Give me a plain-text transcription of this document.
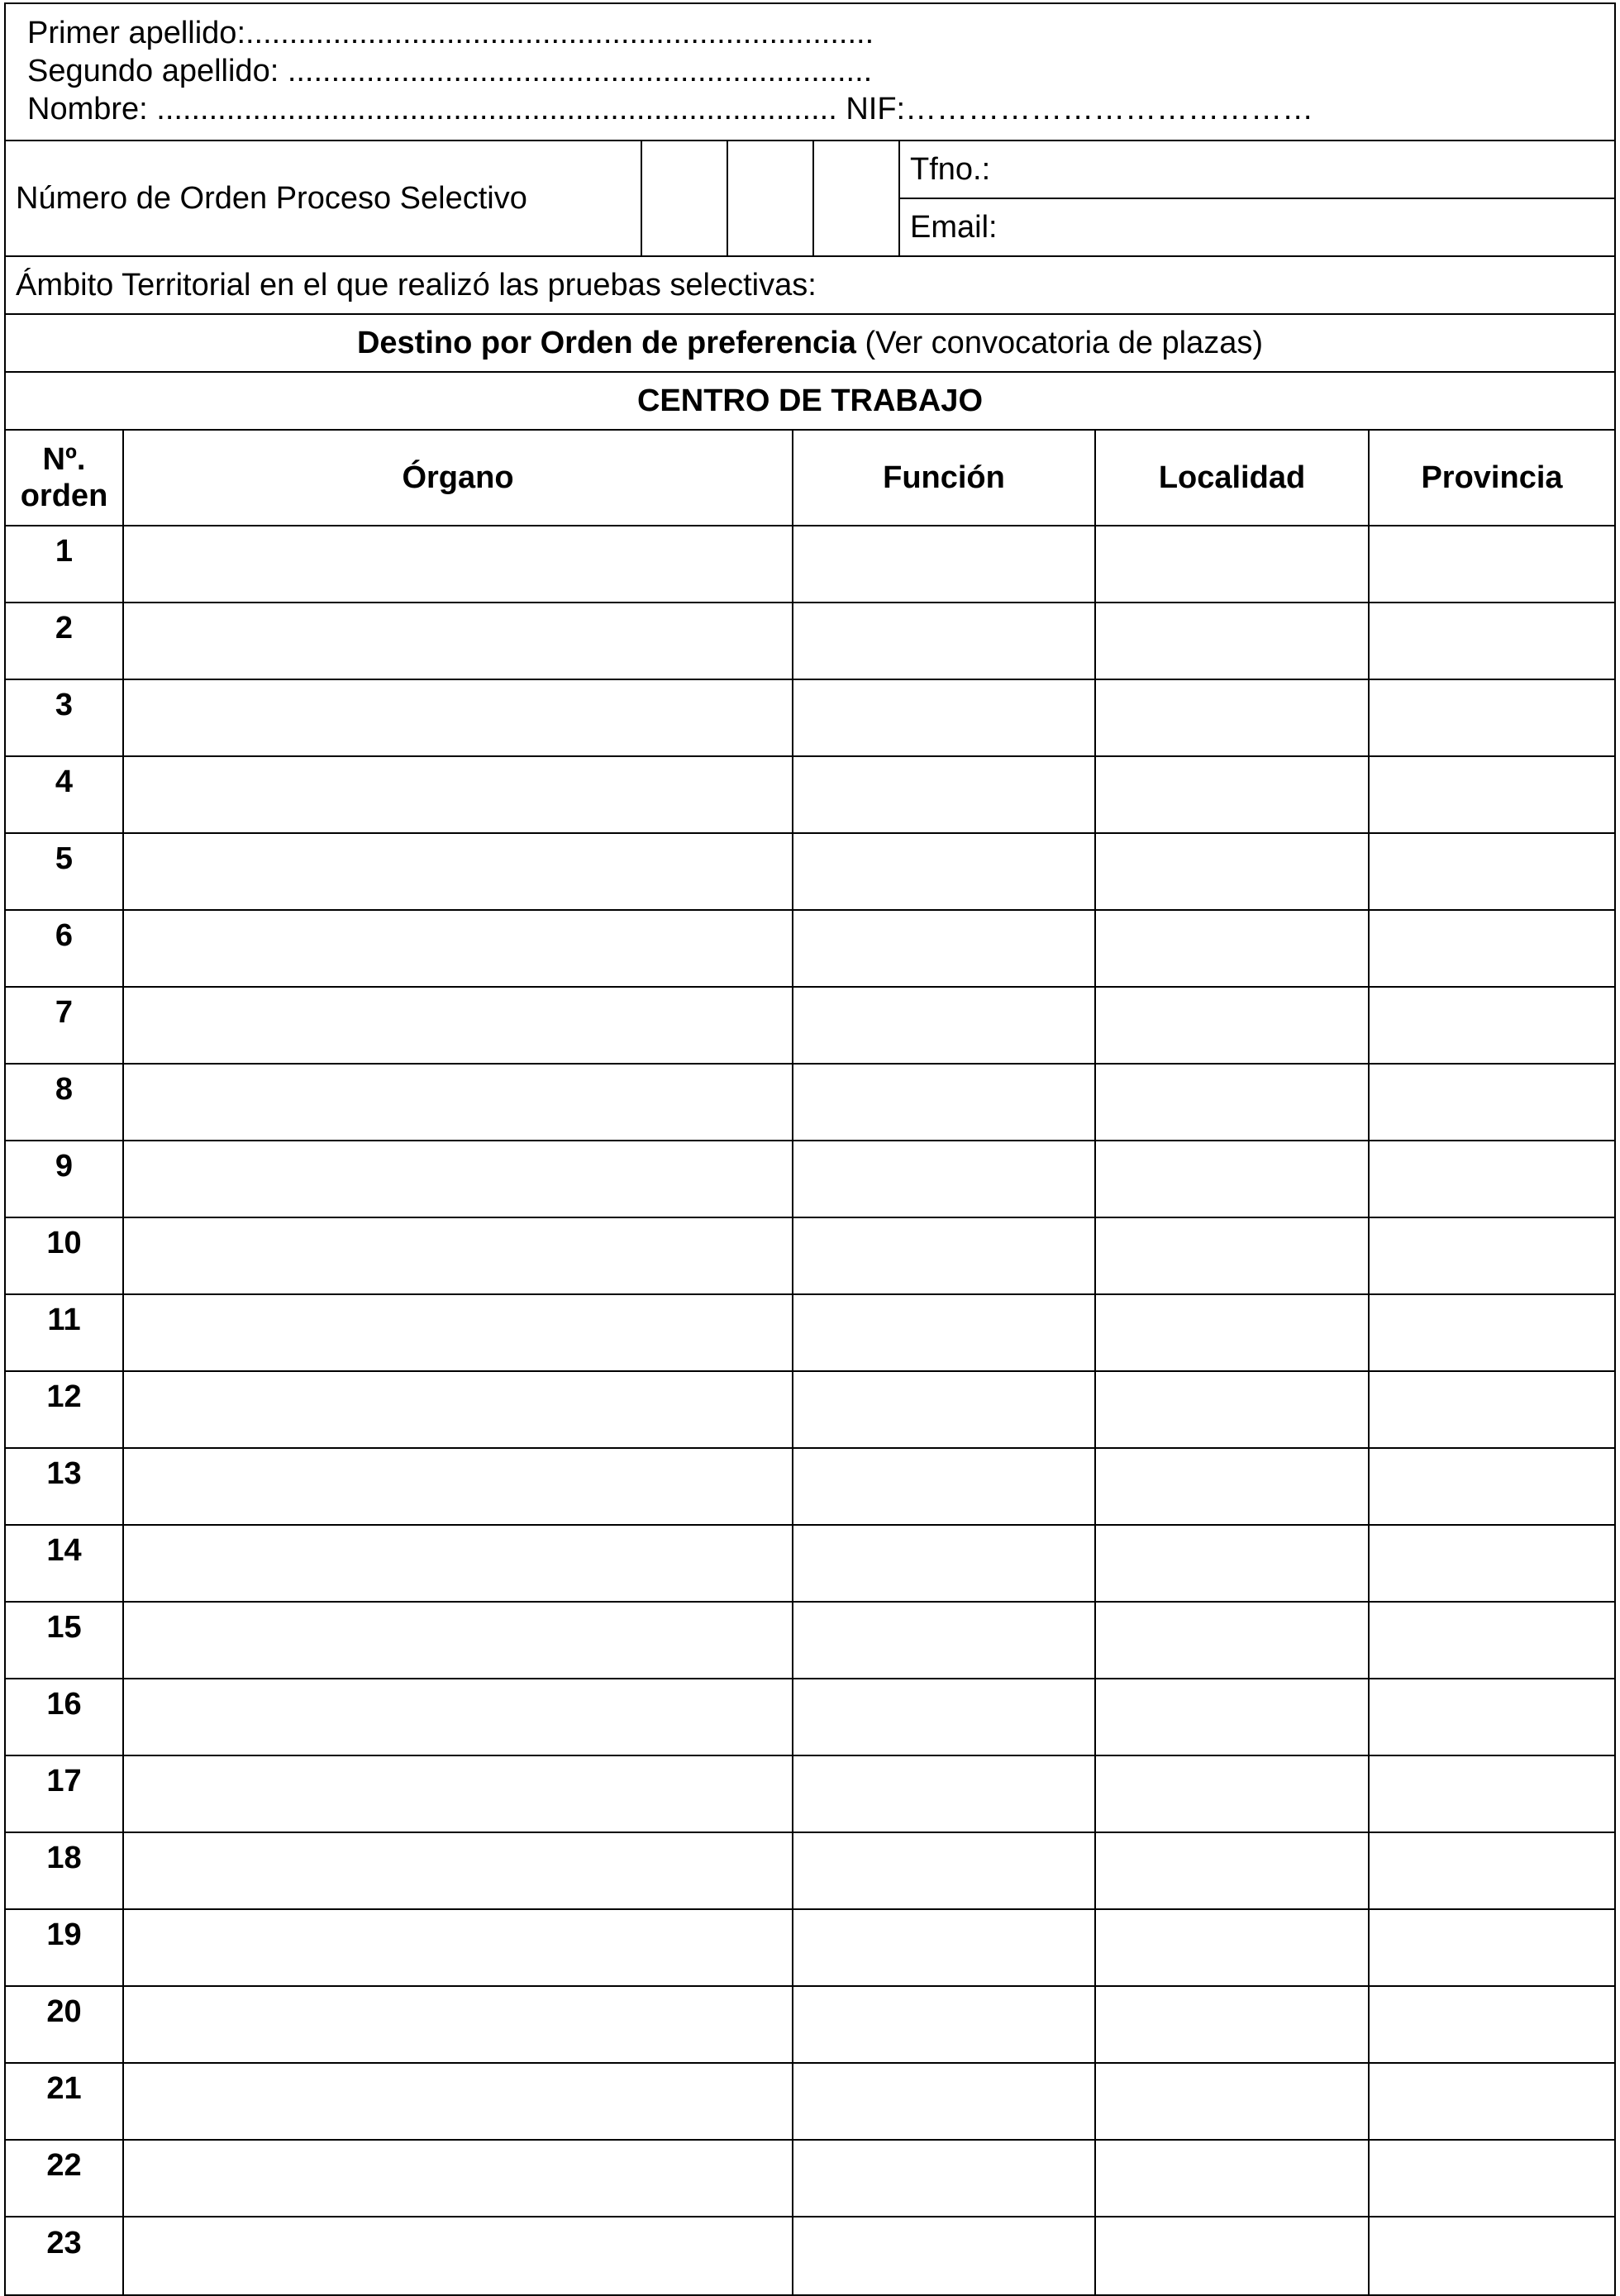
Primer apellido:........................................................................
Segundo apellido: ...................................................................
Nombre: .............................................................................. NIF:…………………………………
Número de Orden Proceso Selectivo
Tfno.:
Email:
Ámbito Territorial en el que realizó las pruebas selectivas:
Destino por Orden de preferencia
(Ver convocatoria de plazas)
CENTRO DE TRABAJO
Nº.
orden
Órgano	Función	Localidad	Provincia
1
2
3
4
5
6
7
8
9
10
11
12
13
14
15
16
17
18
19
20
21
22
23
